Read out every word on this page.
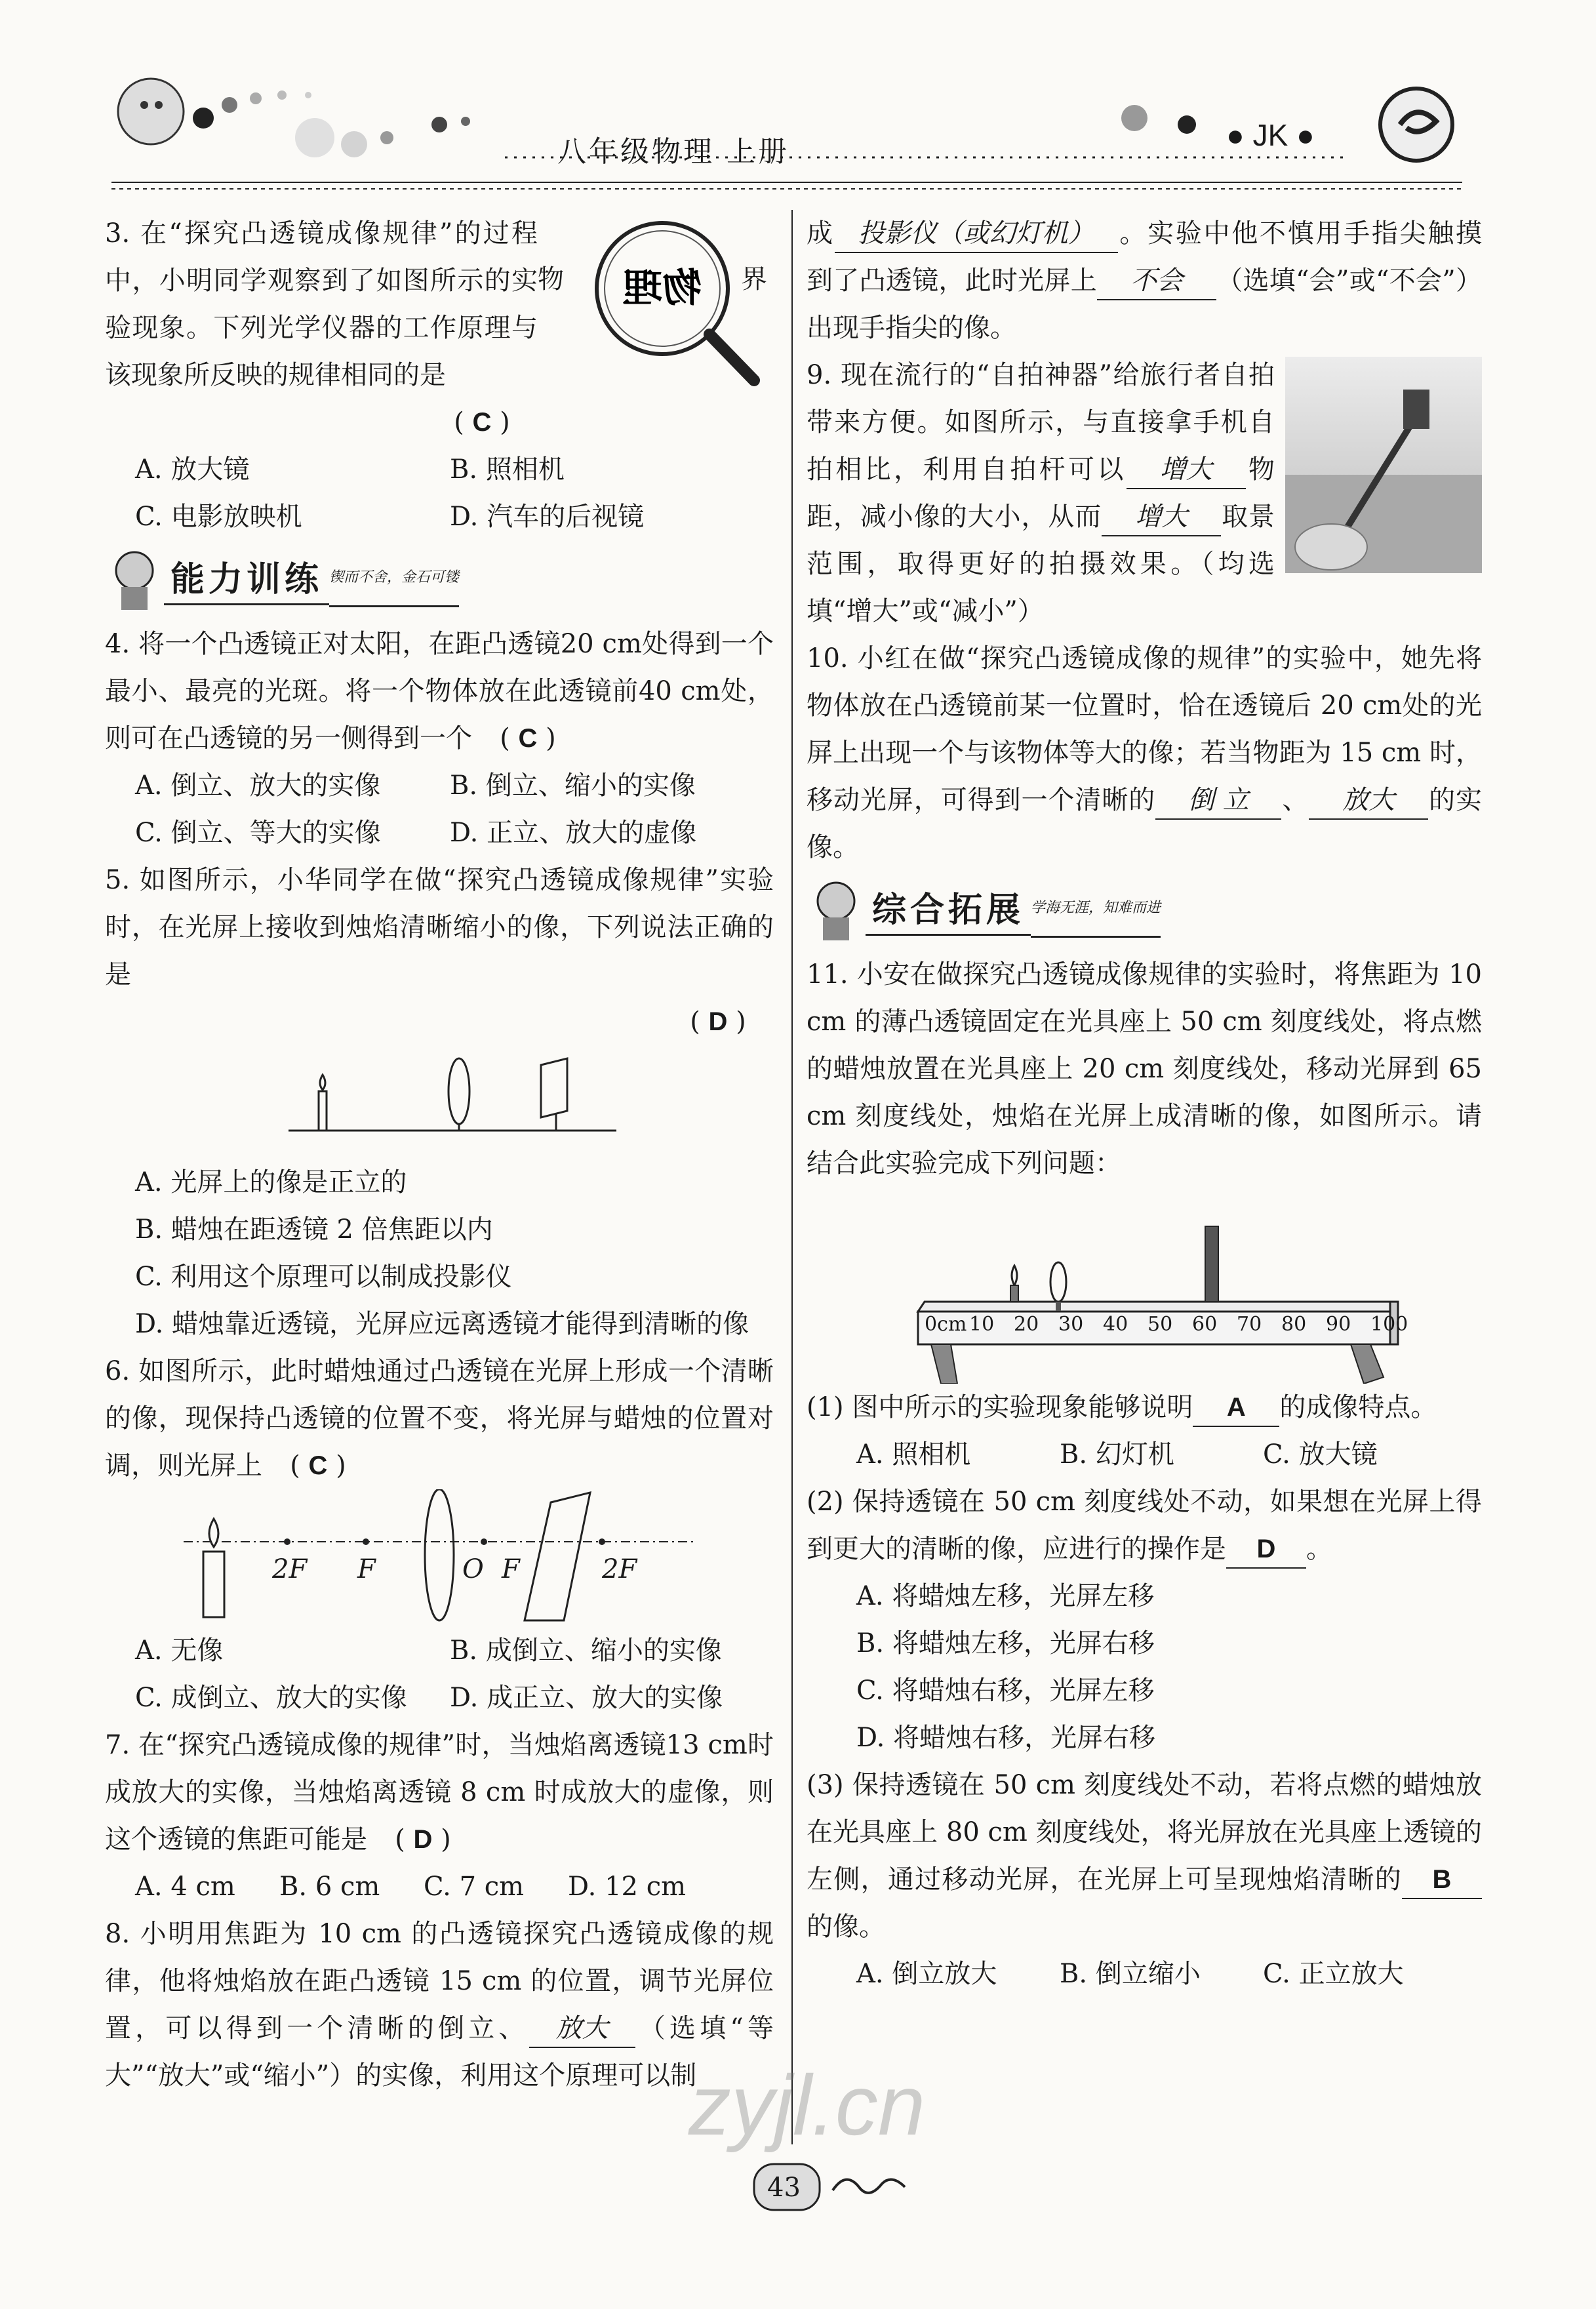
八年级物理 上册	● JK ●
物理
物	界

3. 在“探究凸透镜成像规律”的过程中，小明同学观察到了如图所示的实验现象。下列光学仪器的工作原理与该现象所反映的规律相同的是

( C )
A. 放大镜	B. 照相机
C. 电影放映机	D. 汽车的后视镜
能力训练 锲而不舍，金石可镂

4. 将一个凸透镜正对太阳，在距凸透镜20 cm处得到一个最小、最亮的光斑。将一个物体放在此透镜前40 cm处，则可在凸透镜的另一侧得到一个 ( C )

A. 倒立、放大的实像	B. 倒立、缩小的实像
C. 倒立、等大的实像	D. 正立、放大的虚像

5. 如图所示，小华同学在做“探究凸透镜成像规律”实验时，在光屏上接收到烛焰清晰缩小的像，下列说法正确的是

( D )
A. 光屏上的像是正立的
B. 蜡烛在距透镜 2 倍焦距以内
C. 利用这个原理可以制成投影仪
D. 蜡烛靠近透镜，光屏应远离透镜才能得到清晰的像

6. 如图所示，此时蜡烛通过凸透镜在光屏上形成一个清晰的像，现保持凸透镜的位置不变，将光屏与蜡烛的位置对调，则光屏上 ( C )

2F F	O F	2F
A. 无像	B. 成倒立、缩小的实像
C. 成倒立、放大的实像	D. 成正立、放大的实像

7. 在“探究凸透镜成像的规律”时，当烛焰离透镜13 cm时成放大的实像，当烛焰离透镜 8 cm 时成放大的虚像，则这个透镜的焦距可能是 ( D )

A. 4 cm	B. 6 cm	C. 7 cm	D. 12 cm

8. 小明用焦距为 10 cm 的凸透镜探究凸透镜成像的规律，他将烛焰放在距凸透镜 15 cm 的位置，调节光屏位置，可以得到一个清晰的倒立、 放大 （选填“等大”“放大”或“缩小”）的实像，利用这个原理可以制

成 投影仪（或幻灯机） 。实验中他不慎用手指尖触摸到了凸透镜，此时光屏上 不会 （选填“会”或“不会”）出现手指尖的像。

9. 现在流行的“自拍神器”给旅行者自拍带来方便。如图所示，与直接拿手机自拍相比，利用自拍杆可以 增大 物距，减小像的大小，从而 增大 取景范围，取得更好的拍摄效果。（均选填“增大”或“减小”）

10. 小红在做“探究凸透镜成像的规律”的实验中，她先将物体放在凸透镜前某一位置时，恰在透镜后 20 cm处的光屏上出现一个与该物体等大的像；若当物距为 15 cm 时，移动光屏，可得到一个清晰的 倒 立 、 放大 的实像。

综合拓展 学海无涯，知难而进

11. 小安在做探究凸透镜成像规律的实验时，将焦距为 10 cm 的薄凸透镜固定在光具座上 50 cm 刻度线处，将点燃的蜡烛放置在光具座上 20 cm 刻度线处，移动光屏到 65 cm 刻度线处，烛焰在光屏上成清晰的像，如图所示。请结合此实验完成下列问题：

0cm 10 20 30 40 50 60 70 80 90 100

(1) 图中所示的实验现象能够说明 A 的成像特点。

A. 照相机	B. 幻灯机	C. 放大镜

(2) 保持透镜在 50 cm 刻度线处不动，如果想在光屏上得到更大的清晰的像，应进行的操作是 D 。

A. 将蜡烛左移，光屏左移
B. 将蜡烛左移，光屏右移
C. 将蜡烛右移，光屏左移
D. 将蜡烛右移，光屏右移

(3) 保持透镜在 50 cm 刻度线处不动，若将点燃的蜡烛放在光具座上 80 cm 刻度线处，将光屏放在光具座上透镜的左侧，通过移动光屏，在光屏上可呈现烛焰清晰的 B的像。

A. 倒立放大	B. 倒立缩小	C. 正立放大
43
zyjl.cn
